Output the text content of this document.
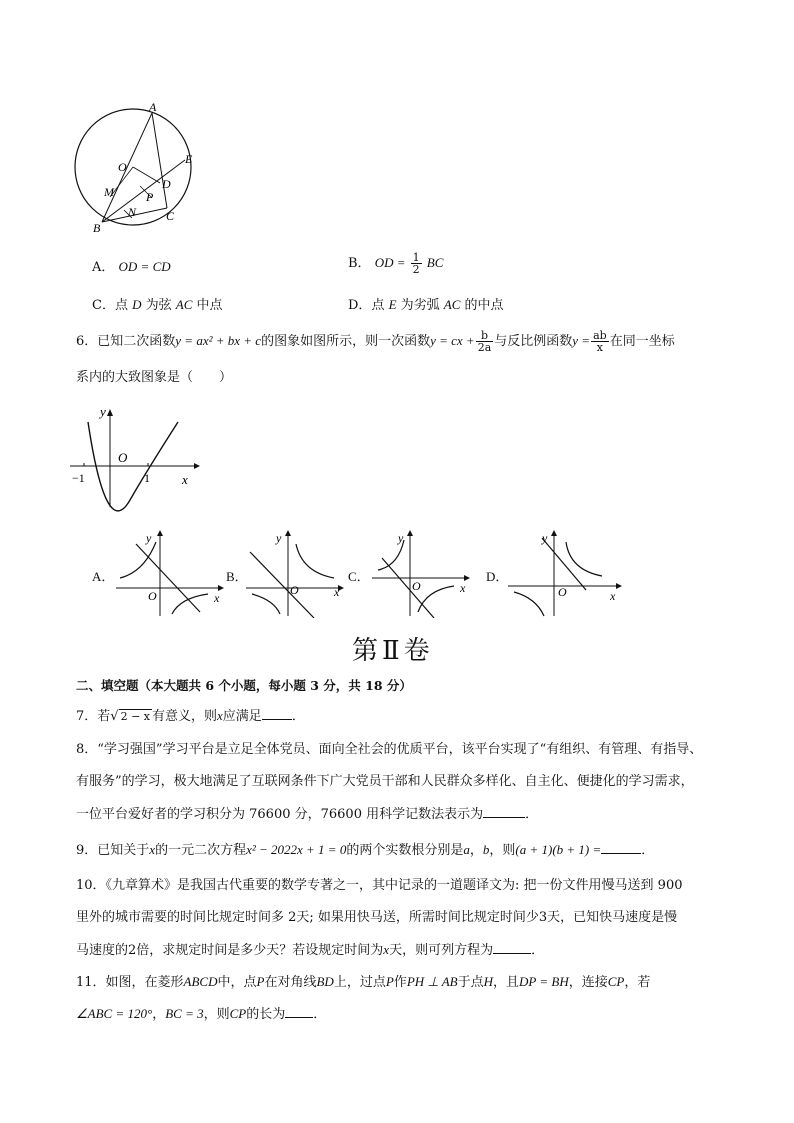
A
O
E
D
M	P
N C
B
A． OD = CD	B． OD = $\frac{1}{2}$ BC
C．点 D 为弦 AC 中点	D．点 E 为劣弧 AC 的中点
6．已知二次函数y = ax² + bx + c的图象如图所示，则一次函数y = cx + $\frac{b}{2a}$ 与反比例函数$y = \frac{ab}{x}$ 在同一坐标
系内的大致图象是（　　）
y
O
x
−1	1
A．
y
O	x
B．
y
O	x
C．
y
O	x
D．
y
O	x
第Ⅱ卷
二、填空题（本大题共 6 个小题，每小题 3 分，共 18 分）
7．若√ 2 − x 有意义，则x应满足 ．
8．“学习强国”学习平台是立足全体党员、面向全社会的优质平台，该平台实现了“有组织、有管理、有指导、
有服务”的学习，极大地满足了互联网条件下广大党员干部和人民群众多样化、自主化、便捷化的学习需求，
一位平台爱好者的学习积分为 76600 分，76600 用科学记数法表示为	．
9．已知关于x的一元二次方程x² − 2022x + 1 = 0的两个实数根分别是a，b，则(a + 1)(b + 1) =	．
10．《九章算术》是我国古代重要的数学专著之一，其中记录的一道题译文为: 把一份文件用慢马送到 900
里外的城市需要的时间比规定时间多 2天; 如果用快马送，所需时间比规定时间少3天，已知快马速度是慢
马速度的2倍，求规定时间是多少天？若设规定时间为x天，则可列方程为	．
11．如图，在菱形ABCD中，点P在对角线BD上，过点P作PH ⊥ AB于点H，且DP = BH，连接CP，若
∠ABC = 120°，BC = 3，则CP的长为 ．
